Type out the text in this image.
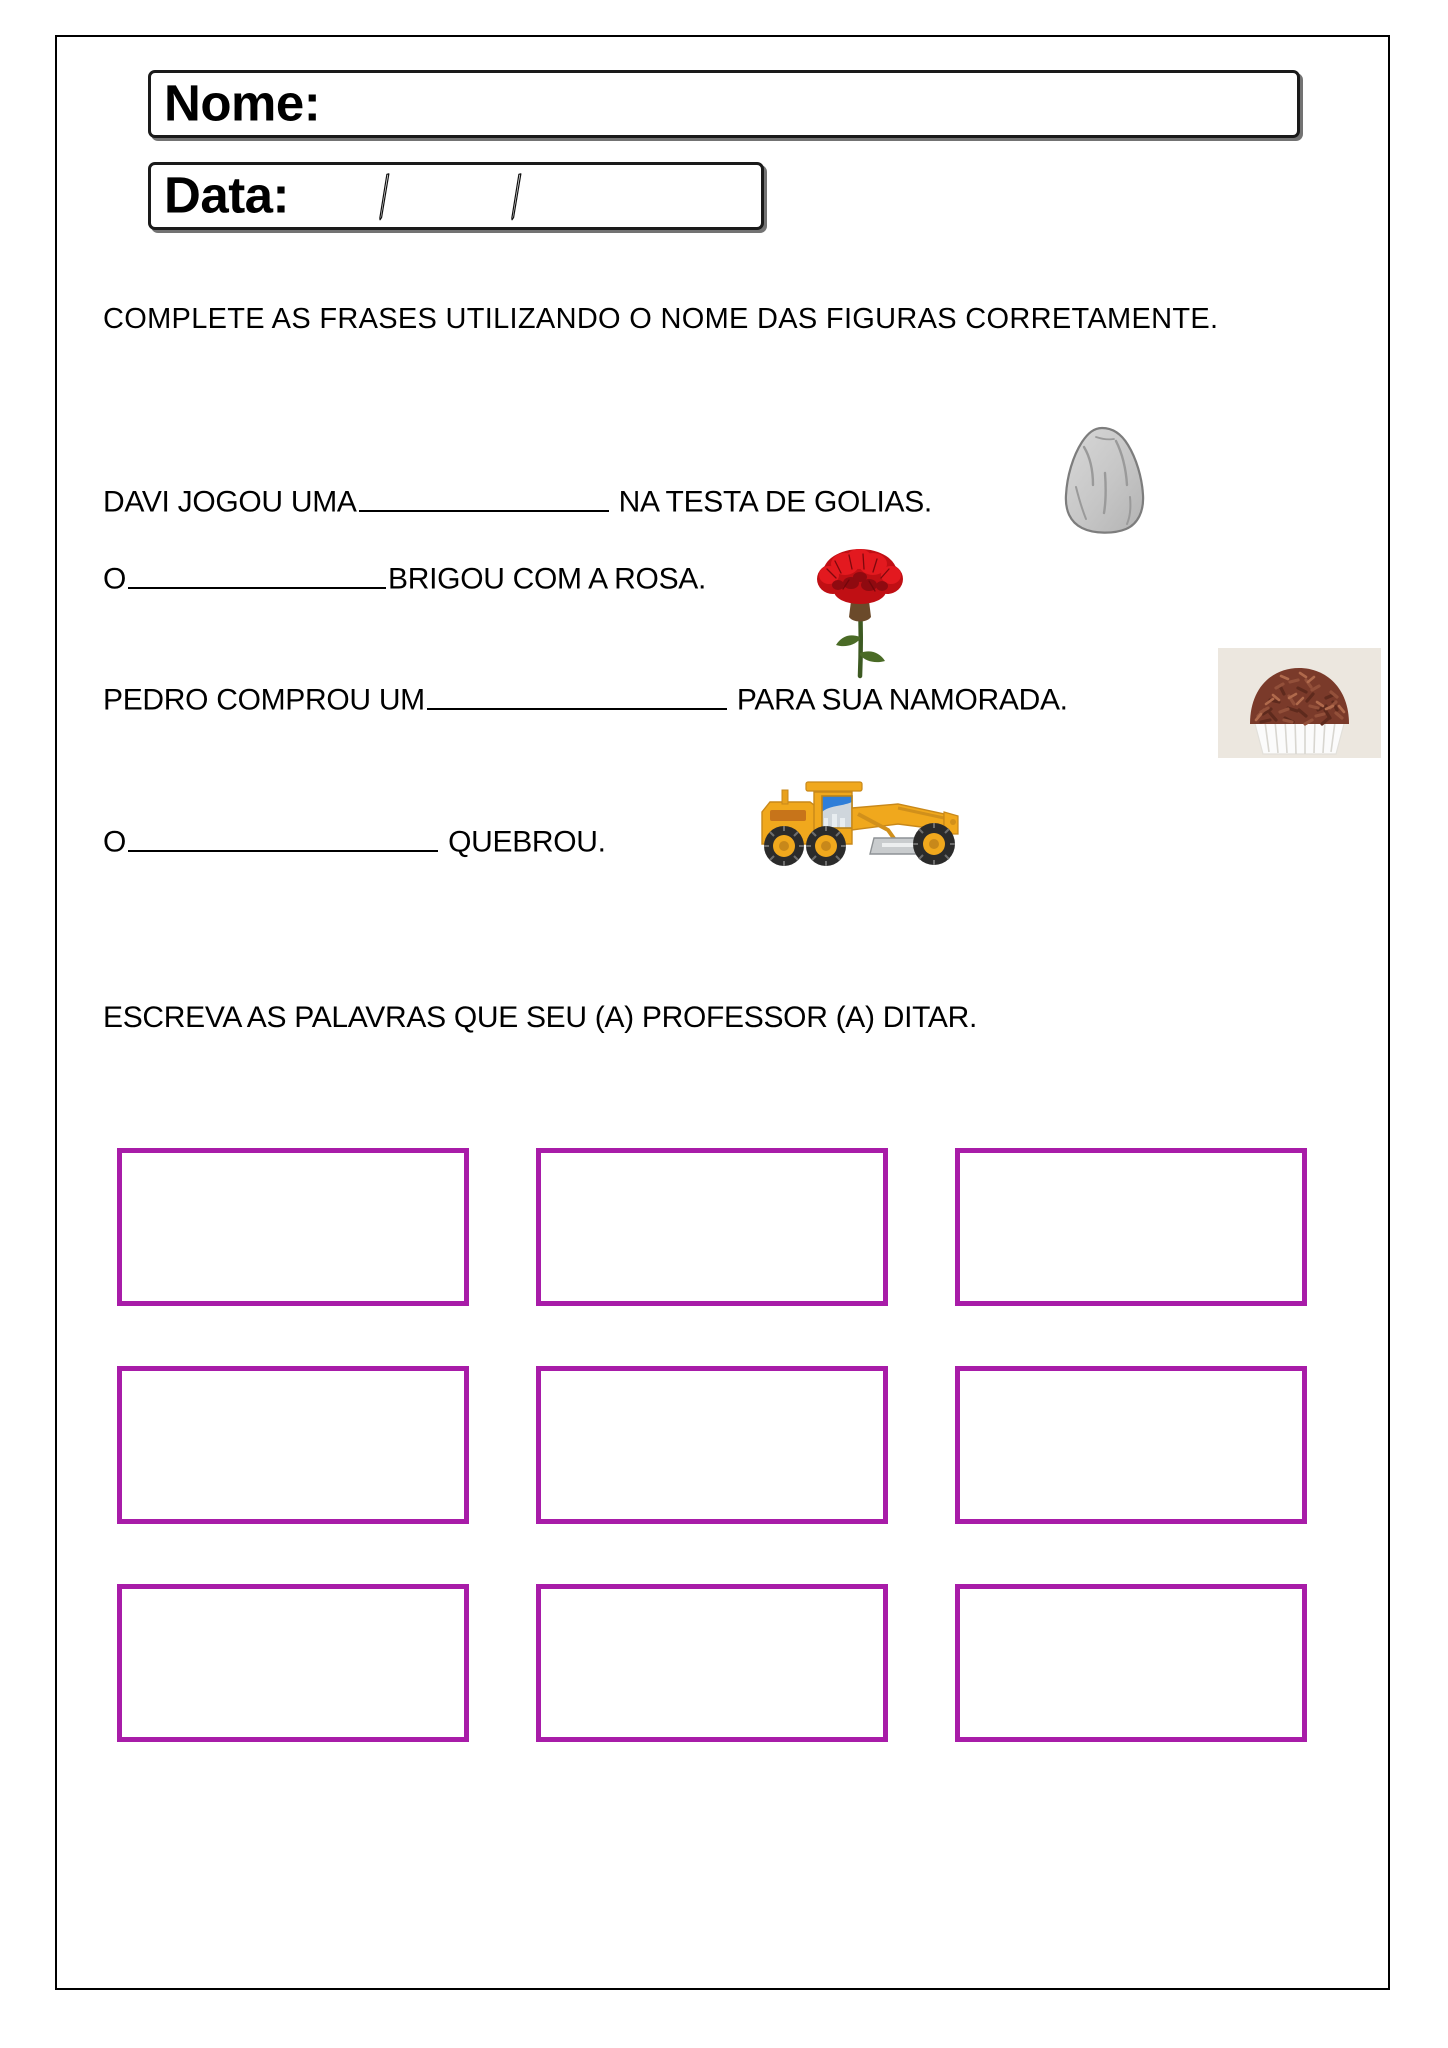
Nome:
Data:
COMPLETE AS FRASES UTILIZANDO O NOME DAS FIGURAS CORRETAMENTE.
DAVI JOGOU UMA	NA TESTA DE GOLIAS.
O	BRIGOU COM A ROSA.
PEDRO COMPROU UM	PARA SUA NAMORADA.
O	QUEBROU.
ESCREVA AS PALAVRAS QUE SEU (A) PROFESSOR (A) DITAR.
